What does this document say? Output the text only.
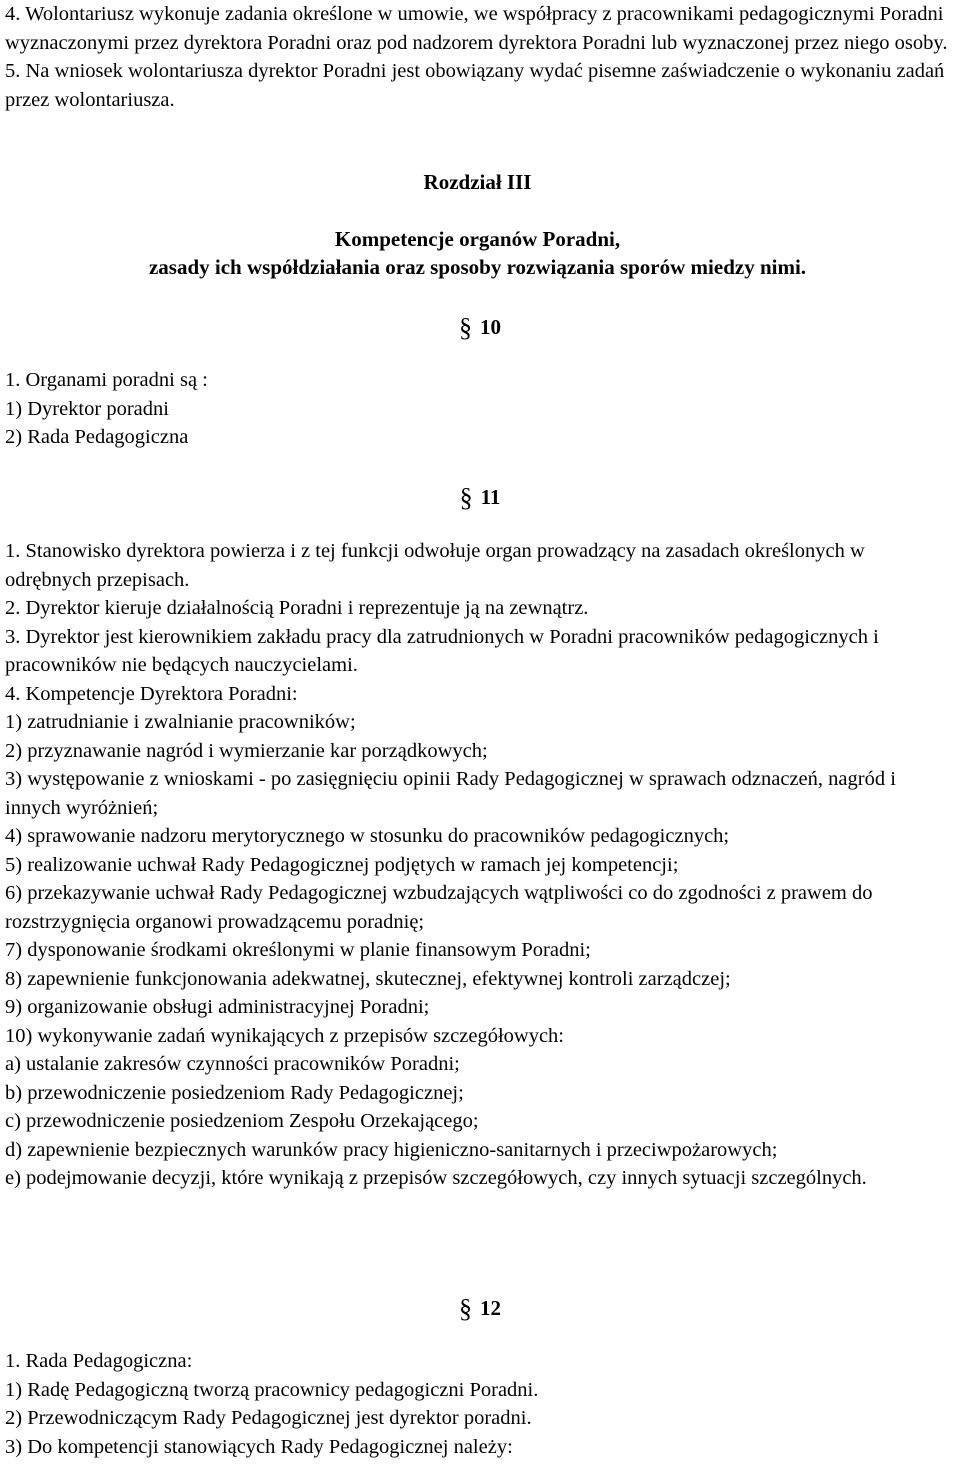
4. Wolontariusz wykonuje zadania określone w umowie, we współpracy z pracownikami pedagogicznymi Poradni wyznaczonymi przez dyrektora Poradni oraz pod nadzorem dyrektora Poradni lub wyznaczonej przez niego osoby.

5. Na wniosek wolontariusza dyrektor Poradni jest obowiązany wydać pisemne zaświadczenie o wykonaniu zadań przez wolontariusza.

Rozdział III

Kompetencje organów Poradni,

zasady ich współdziałania oraz sposoby rozwiązania sporów miedzy nimi.

§ 10

1. Organami poradni są :

1) Dyrektor poradni

2) Rada Pedagogiczna

§ 11

1. Stanowisko dyrektora powierza i z tej funkcji odwołuje organ prowadzący na zasadach określonych w odrębnych przepisach.

2. Dyrektor kieruje działalnością Poradni i reprezentuje ją na zewnątrz.

3. Dyrektor jest kierownikiem zakładu pracy dla zatrudnionych w Poradni pracowników pedagogicznych i pracowników nie będących nauczycielami.

4. Kompetencje Dyrektora Poradni:

1) zatrudnianie i zwalnianie pracowników;

2) przyznawanie nagród i wymierzanie kar porządkowych;

3) występowanie z wnioskami - po zasięgnięciu opinii Rady Pedagogicznej w sprawach odznaczeń, nagród i innych wyróżnień;

4) sprawowanie nadzoru merytorycznego w stosunku do pracowników pedagogicznych;

5) realizowanie uchwał Rady Pedagogicznej podjętych w ramach jej kompetencji;

6) przekazywanie uchwał Rady Pedagogicznej wzbudzających wątpliwości co do zgodności z prawem do rozstrzygnięcia organowi prowadzącemu poradnię;

7) dysponowanie środkami określonymi w planie finansowym Poradni;

8) zapewnienie funkcjonowania adekwatnej, skutecznej, efektywnej kontroli zarządczej;

9) organizowanie obsługi administracyjnej Poradni;

10) wykonywanie zadań wynikających z przepisów szczegółowych:

a) ustalanie zakresów czynności pracowników Poradni;

b) przewodniczenie posiedzeniom Rady Pedagogicznej;

c) przewodniczenie posiedzeniom Zespołu Orzekającego;

d) zapewnienie bezpiecznych warunków pracy higieniczno-sanitarnych i przeciwpożarowych;

e) podejmowanie decyzji, które wynikają z przepisów szczegółowych, czy innych sytuacji szczególnych.

§ 12

1. Rada Pedagogiczna:

1) Radę Pedagogiczną tworzą pracownicy pedagogiczni Poradni.

2) Przewodniczącym Rady Pedagogicznej jest dyrektor poradni.

3) Do kompetencji stanowiących Rady Pedagogicznej należy:
